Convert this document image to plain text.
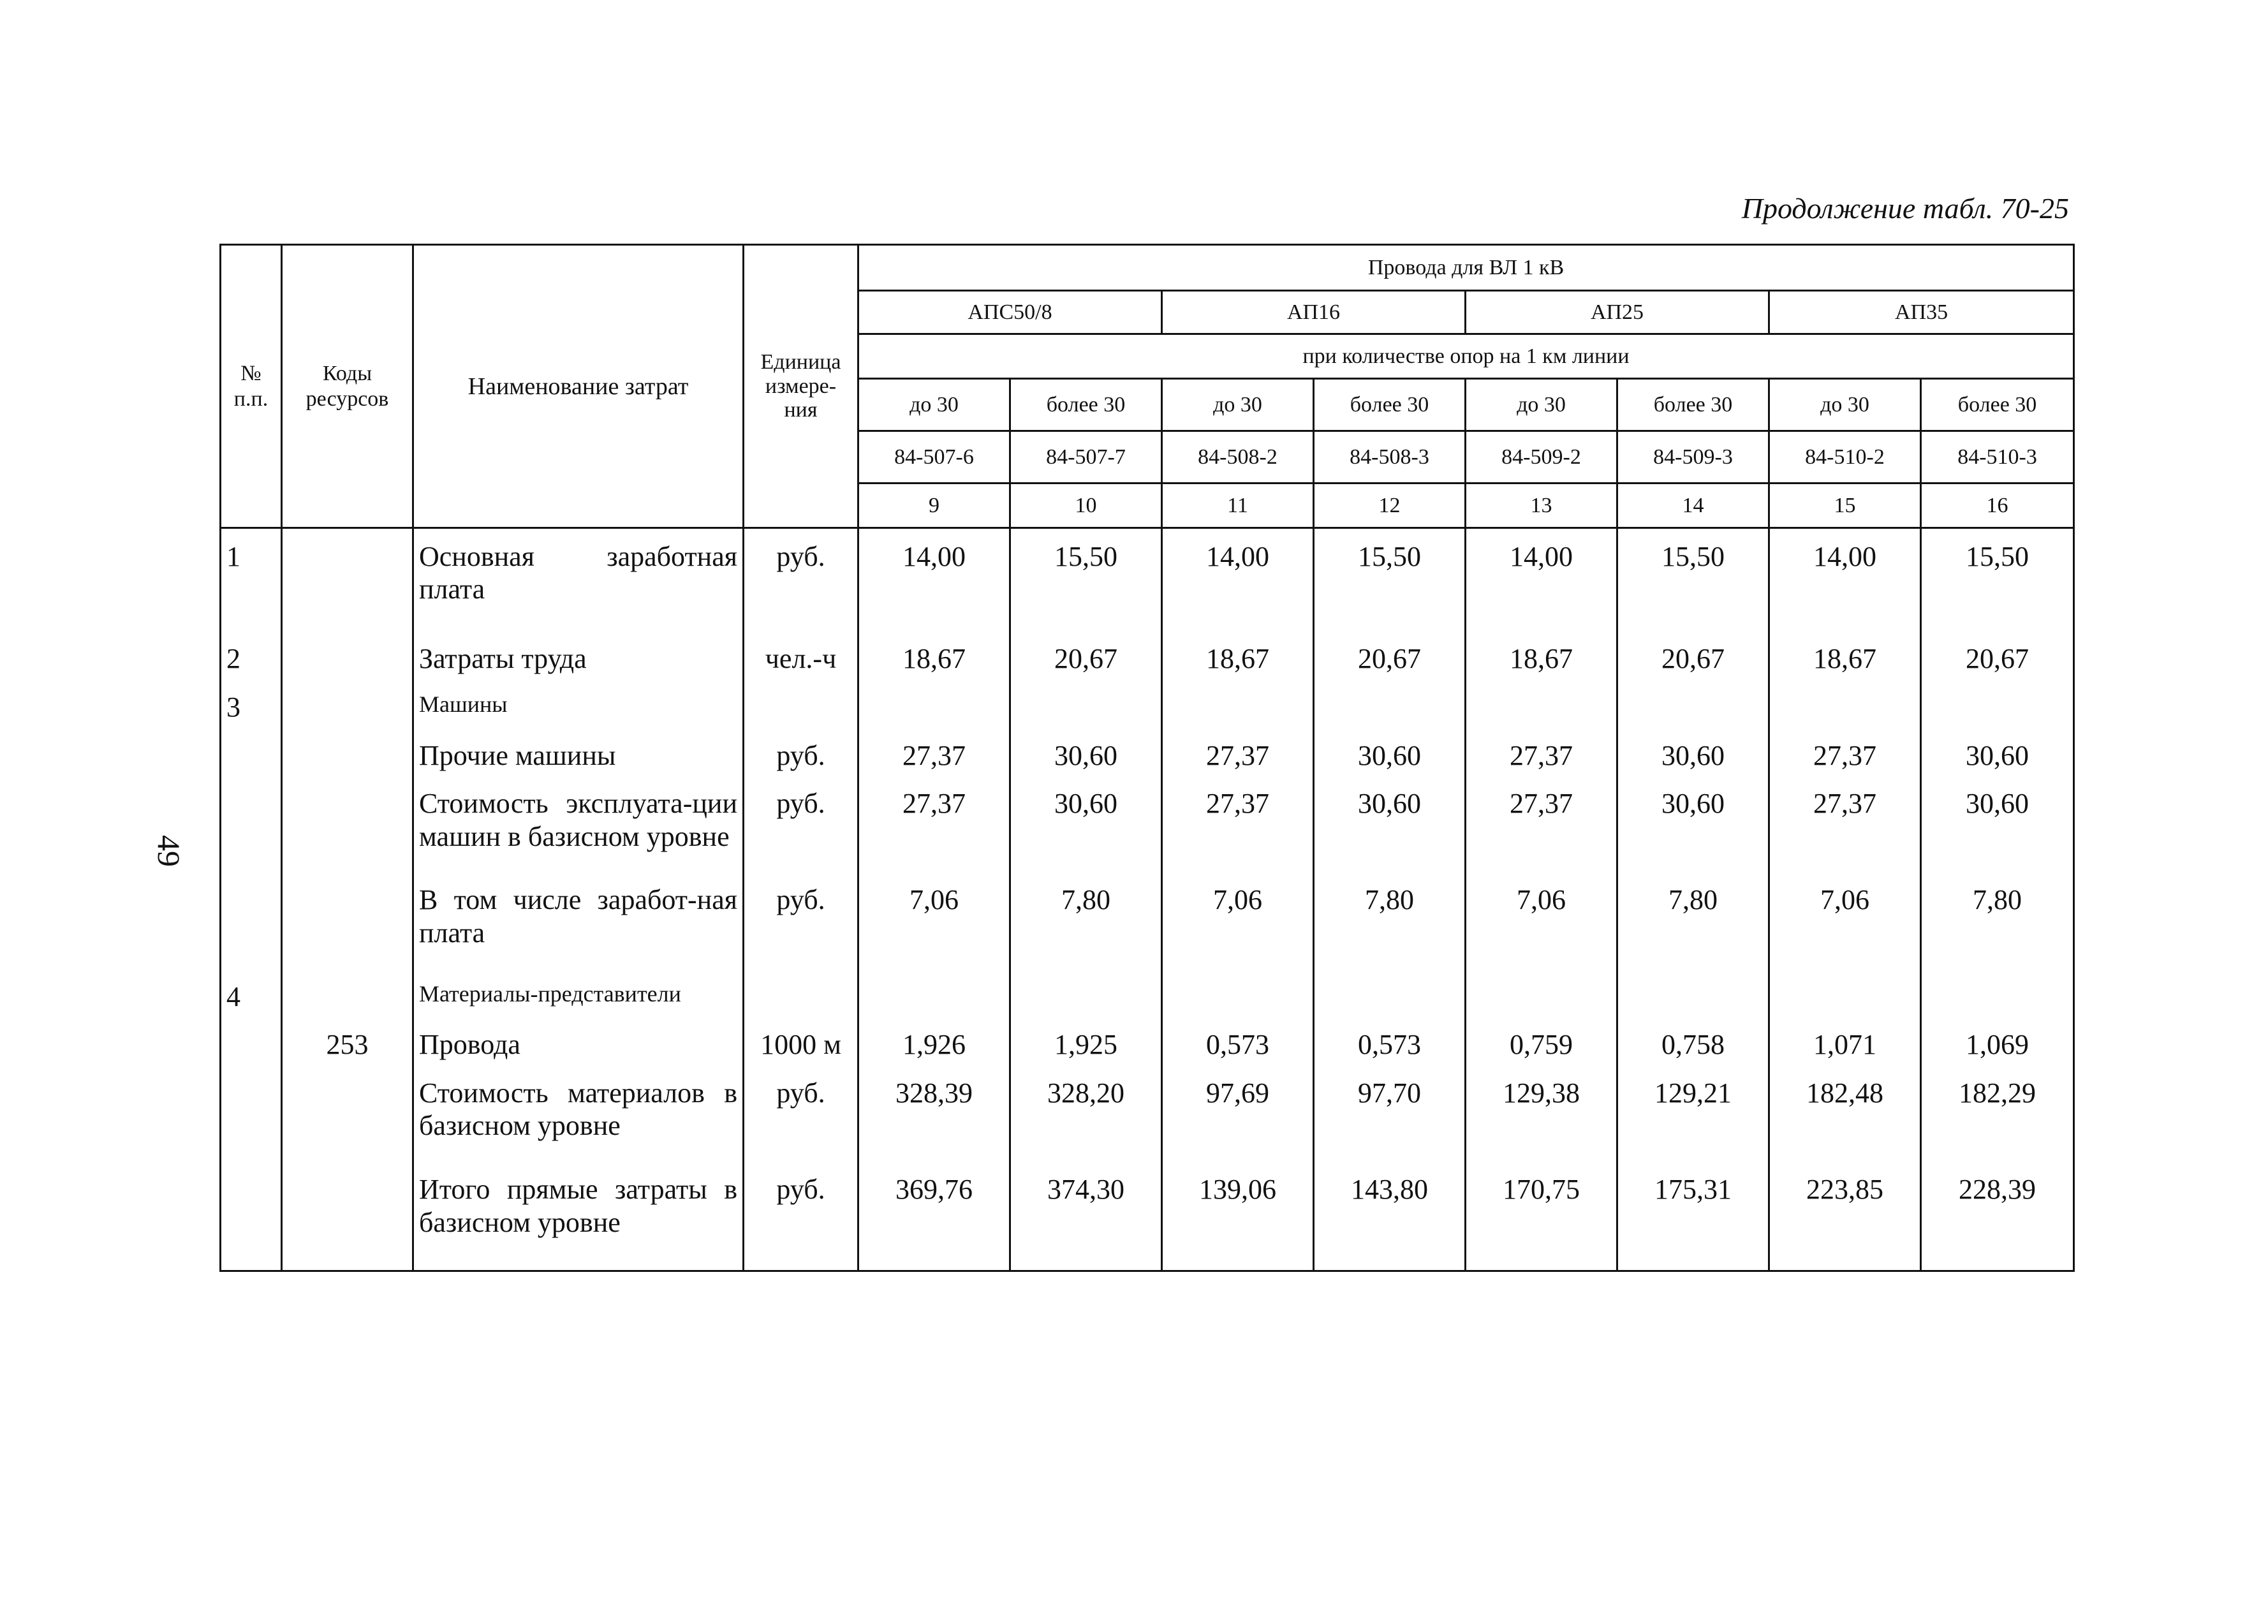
Продолжение табл. 70-25
49
№ п.п.	Коды ресурсов	Наименование затрат	Единица измере-ния	Провода для ВЛ 1 кВ							
				АПС50/8		АП16		АП25		АП35	
				при количестве опор на 1 км линии							
				до 30	более 30	до 30	более 30	до 30	более 30	до 30	более 30
				84-507-6	84-507-7	84-508-2	84-508-3	84-509-2	84-509-3	84-510-2	84-510-3
				9	10	11	12	13	14	15	16
1		Основная заработная плата	руб.	14,00	15,50	14,00	15,50	14,00	15,50	14,00	15,50
2		Затраты труда	чел.-ч	18,67	20,67	18,67	20,67	18,67	20,67	18,67	20,67
3		Машины									
		Прочие машины	руб.	27,37	30,60	27,37	30,60	27,37	30,60	27,37	30,60
		Стоимость эксплуата-ции машин в базисном уровне	руб.	27,37	30,60	27,37	30,60	27,37	30,60	27,37	30,60
		В том числе заработ-ная плата	руб.	7,06	7,80	7,06	7,80	7,06	7,80	7,06	7,80
4		Материалы-представители									
	253	Провода	1000 м	1,926	1,925	0,573	0,573	0,759	0,758	1,071	1,069
		Стоимость материалов в базисном уровне	руб.	328,39	328,20	97,69	97,70	129,38	129,21	182,48	182,29
		Итого прямые затраты в базисном уровне	руб.	369,76	374,30	139,06	143,80	170,75	175,31	223,85	228,39
